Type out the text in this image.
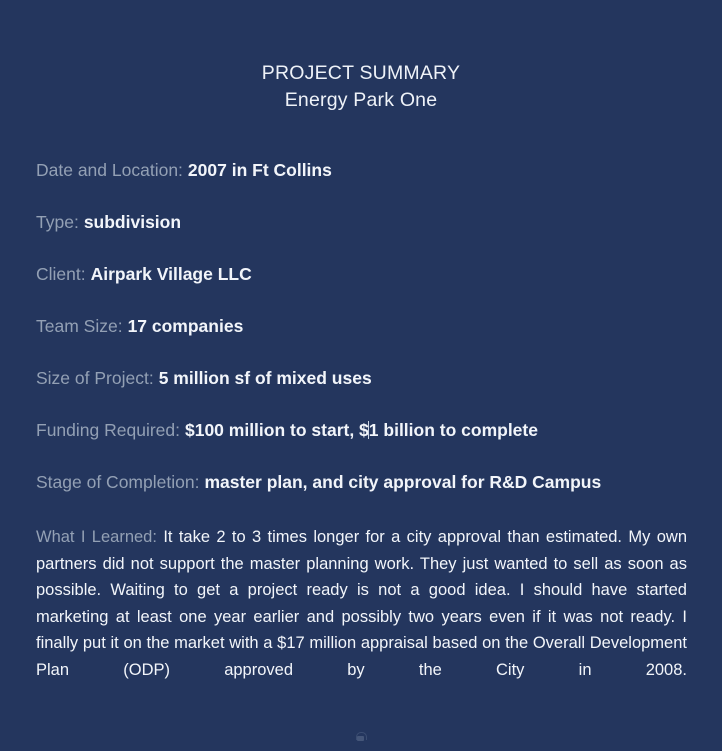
PROJECT SUMMARY
Energy Park One
Date and Location: 2007 in Ft Collins
Type: subdivision
Client: Airpark Village LLC
Team Size: 17 companies
Size of Project: 5 million sf of mixed uses
Funding Required: $100 million to start, $1 billion to complete
Stage of Completion: master plan, and city approval for R&D Campus
What I Learned: It take 2 to 3 times longer for a city approval than estimated. My own partners did not support the master planning work. They just wanted to sell as soon as possible. Waiting to get a project ready is not a good idea. I should have started marketing at least one year earlier and possibly two years even if it was not ready. I finally put it on the market with a $17 million appraisal based on the Overall Development Plan (ODP) approved by the City in 2008.
